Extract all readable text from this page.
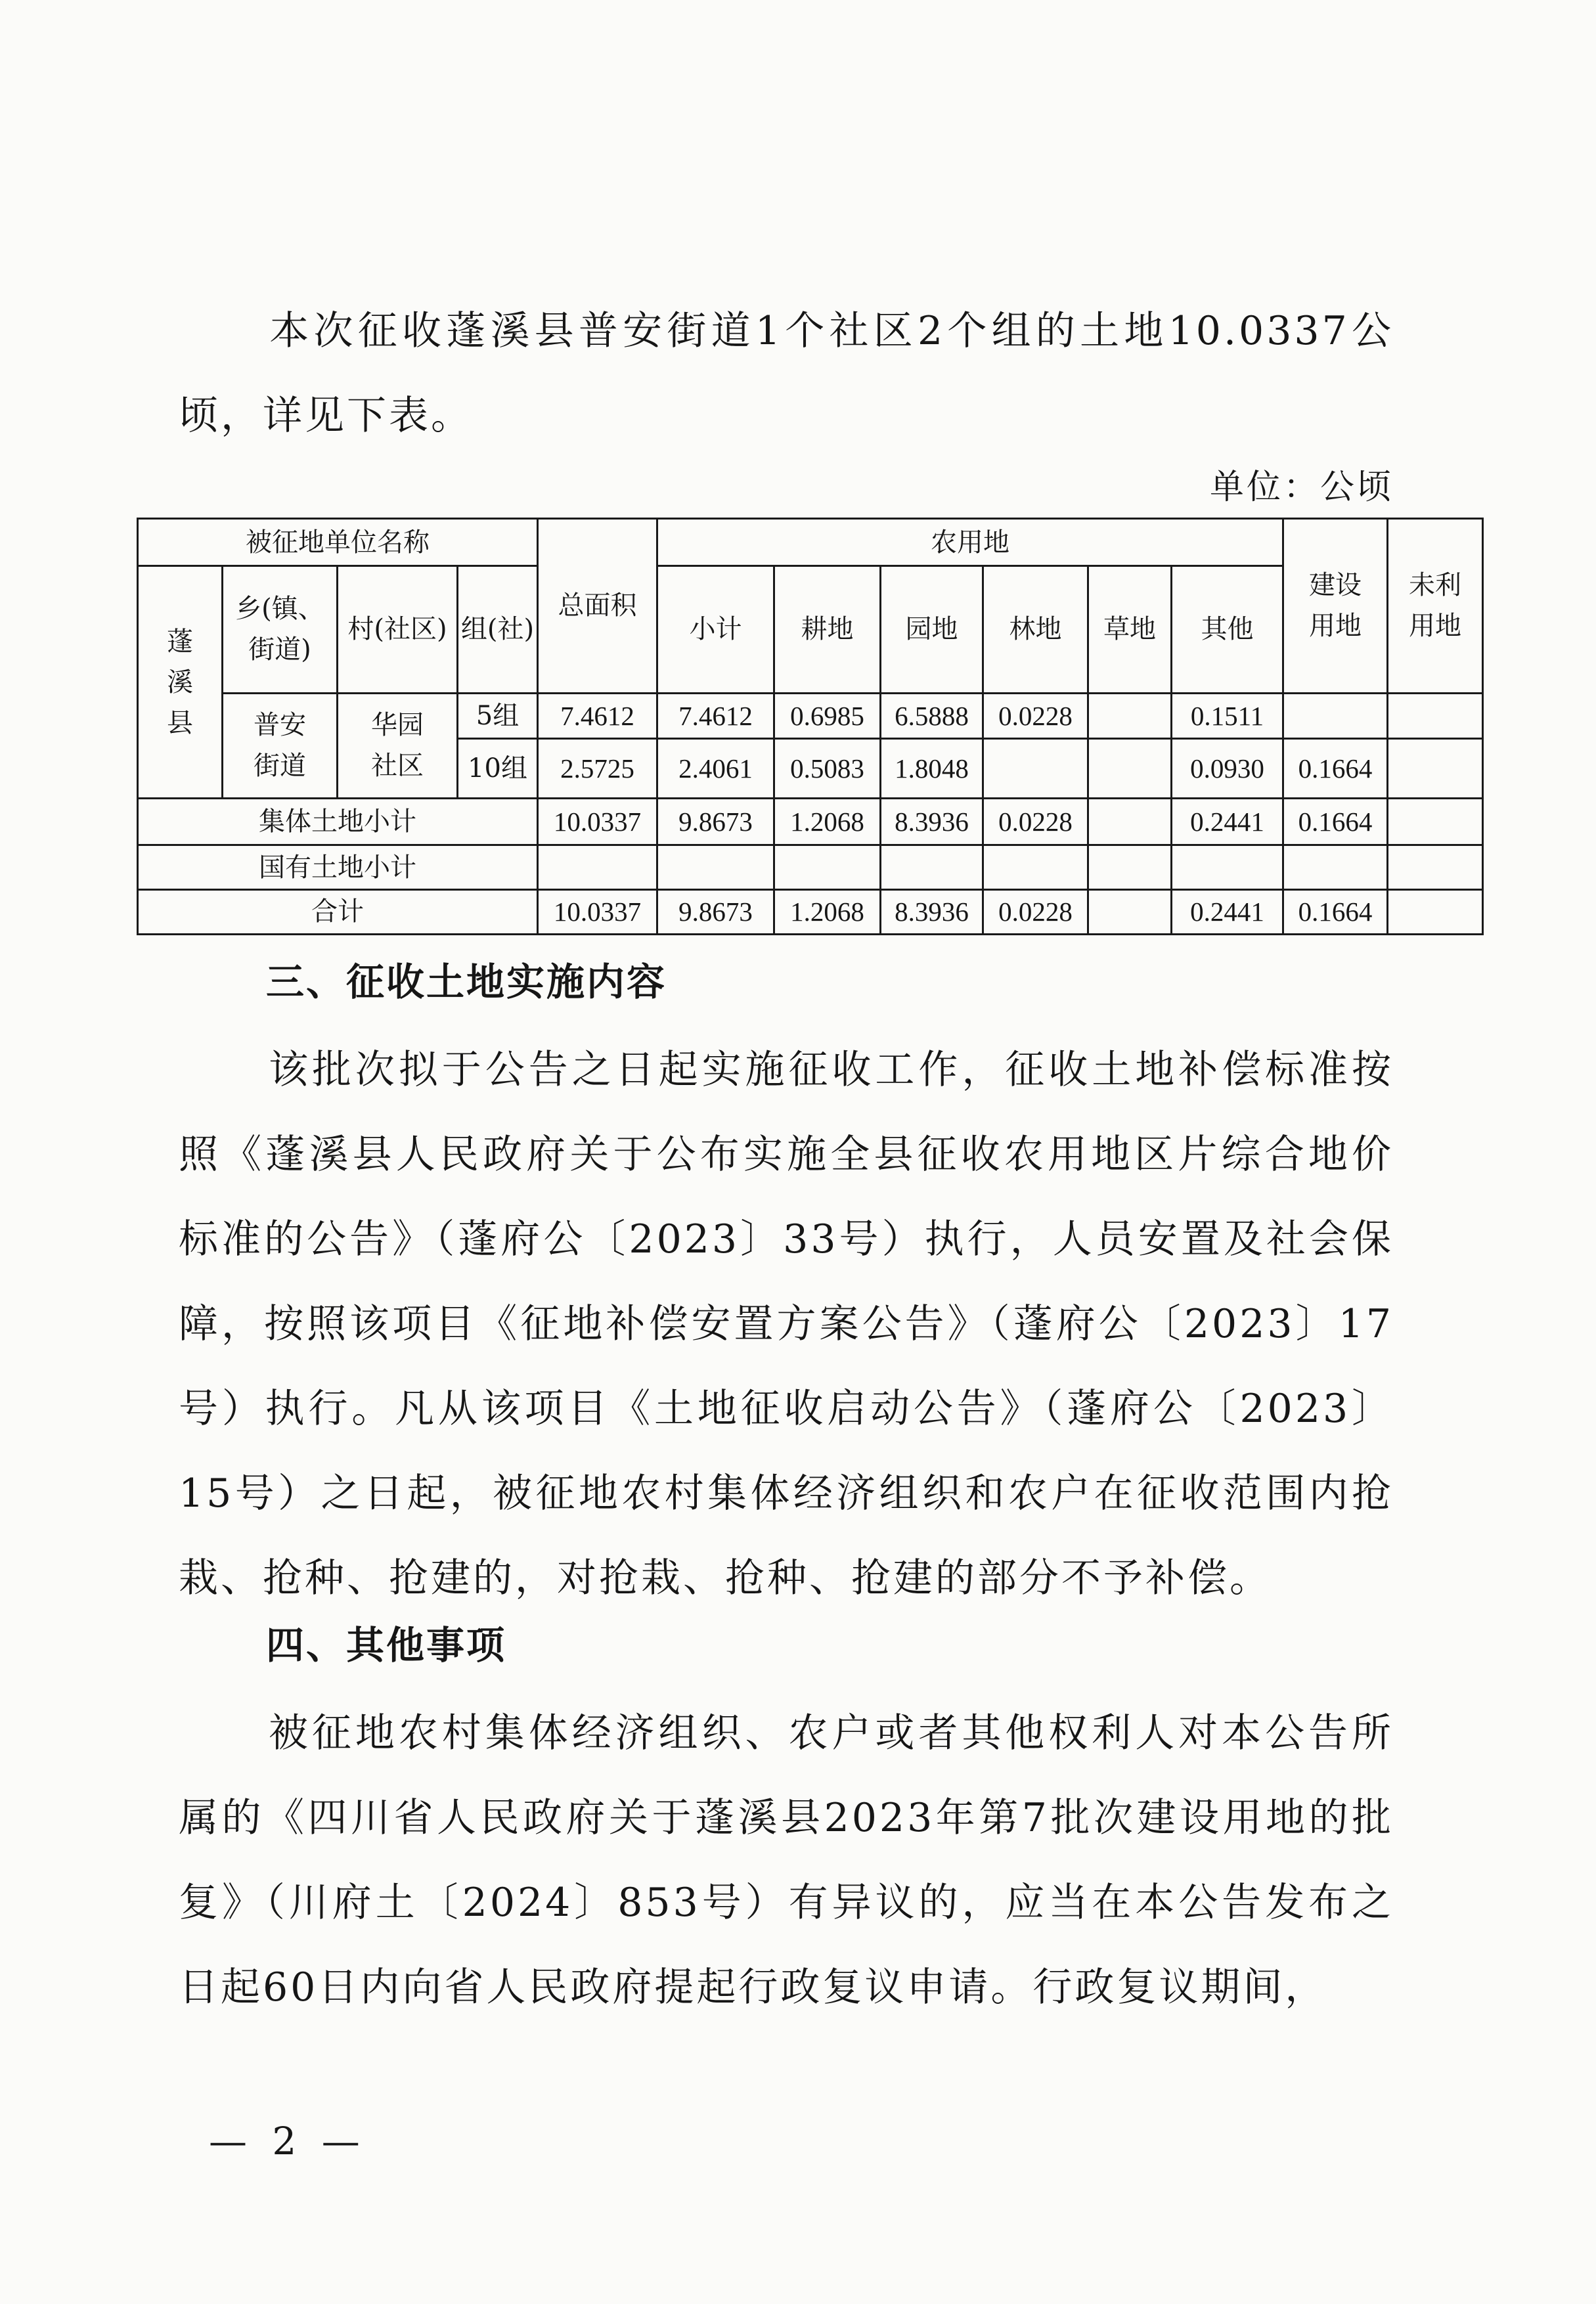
本次征收蓬溪县普安街道1个社区2个组的土地10.0337公顷，详见下表。

单位：公顷
被征地单位名称				总面积	农用地						建设用地	未利用地
蓬溪县	乡(镇、街道)	村(社区)	组(社)		小计	耕地	园地	林地	草地	其他		
	普安街道	华园社区	5组	7.4612	7.4612	0.6985	6.5888	0.0228		0.1511		
			10组	2.5725	2.4061	0.5083	1.8048			0.0930	0.1664	
集体土地小计				10.0337	9.8673	1.2068	8.3936	0.0228		0.2441	0.1664	
国有土地小计												
合计				10.0337	9.8673	1.2068	8.3936	0.0228		0.2441	0.1664	
三、征收土地实施内容

该批次拟于公告之日起实施征收工作，征收土地补偿标准按照《蓬溪县人民政府关于公布实施全县征收农用地区片综合地价标准的公告》（蓬府公〔2023〕33号）执行，人员安置及社会保障，按照该项目《征地补偿安置方案公告》（蓬府公〔2023〕17号）执行。凡从该项目《土地征收启动公告》（蓬府公〔2023〕15号）之日起，被征地农村集体经济组织和农户在征收范围内抢栽、抢种、抢建的，对抢栽、抢种、抢建的部分不予补偿。

四、其他事项

被征地农村集体经济组织、农户或者其他权利人对本公告所属的《四川省人民政府关于蓬溪县2023年第7批次建设用地的批复》（川府土〔2024〕853号）有异议的，应当在本公告发布之日起60日内向省人民政府提起行政复议申请。行政复议期间，

— 2 —
